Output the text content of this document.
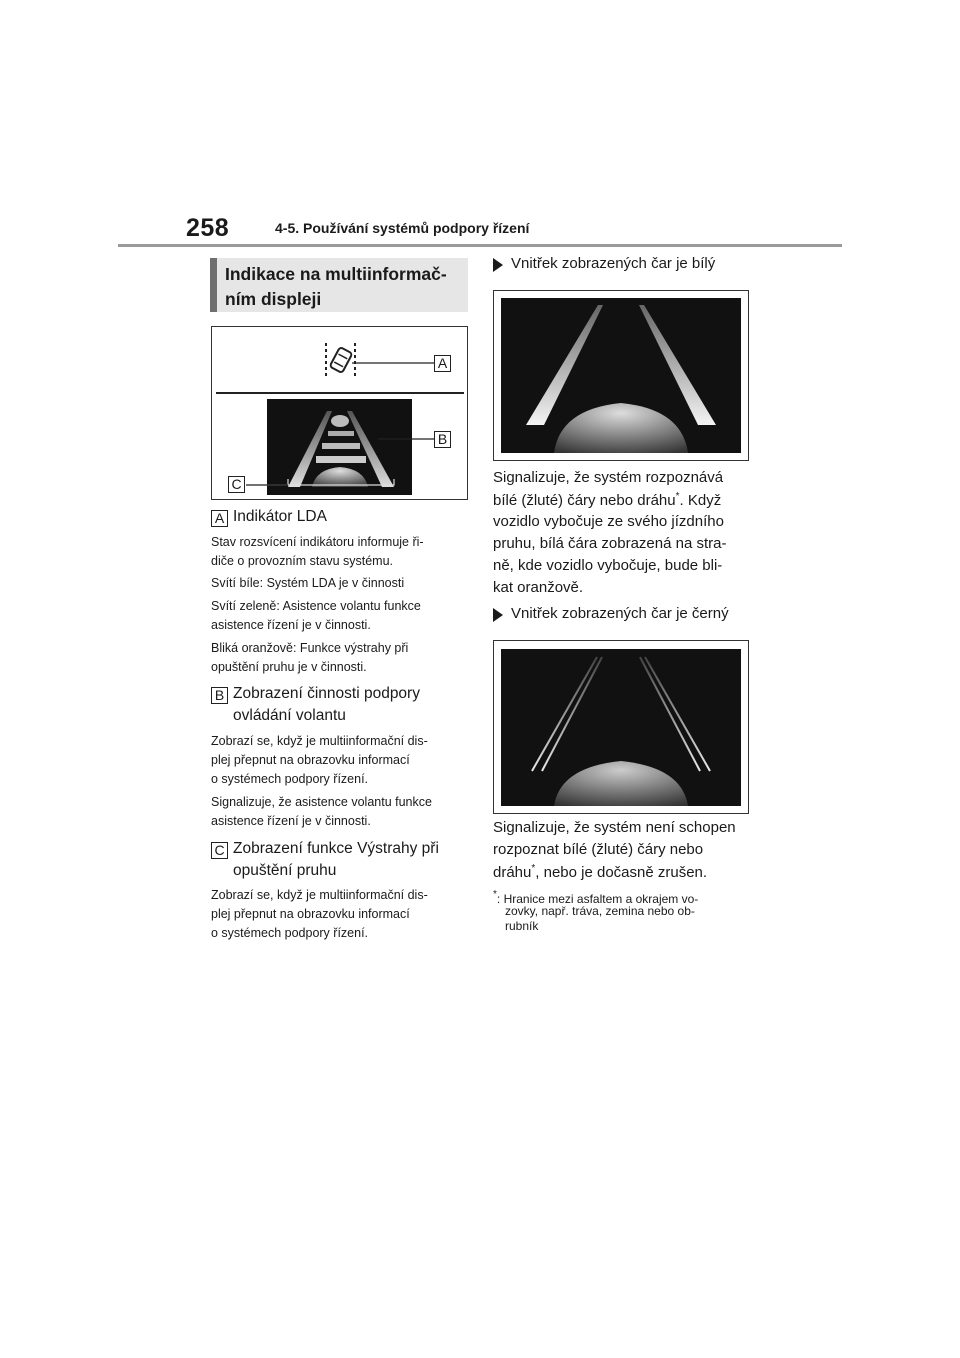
258	4-5. Používání systémů podpory řízení
Indikace na multiinformač-
ním displeji
A
B
C
A Indikátor LDA
Stav rozsvícení indikátoru informuje ři-
diče o provozním stavu systému.
Svítí bíle: Systém LDA je v činnosti
Svítí zeleně: Asistence volantu funkce
asistence řízení je v činnosti.
Bliká oranžově: Funkce výstrahy při
opuštění pruhu je v činnosti.
B Zobrazení činnosti podpory
ovládání volantu
Zobrazí se, když je multiinformační dis-
plej přepnut na obrazovku informací
o systémech podpory řízení.
Signalizuje, že asistence volantu funkce
asistence řízení je v činnosti.
C Zobrazení funkce Výstrahy při
opuštění pruhu
Zobrazí se, když je multiinformační dis-
plej přepnut na obrazovku informací
o systémech podpory řízení.
Vnitřek zobrazených čar je bílý
Signalizuje, že systém rozpoznává
bílé (žluté) čáry nebo dráhu*. Když
vozidlo vybočuje ze svého jízdního
pruhu, bílá čára zobrazená na stra-
ně, kde vozidlo vybočuje, bude bli-
kat oranžově.
Vnitřek zobrazených čar je černý
Signalizuje, že systém není schopen
rozpoznat bílé (žluté) čáry nebo
dráhu*, nebo je dočasně zrušen.
*: Hranice mezi asfaltem a okrajem vo-
zovky, např. tráva, zemina nebo ob-
rubník
